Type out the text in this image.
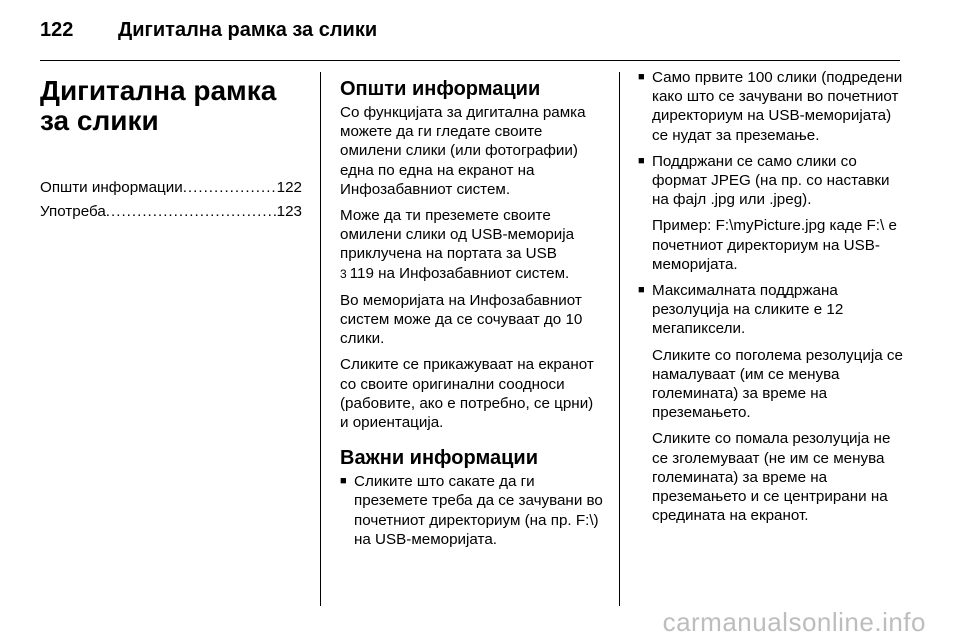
122	Дигитална рамка за слики
Дигитална рамка за слики
Општи информации .....	122
Употреба .....	123
Општи информации

Со функцијата за дигитална рамка можете да ги гледате своите омилени слики (или фотографии) една по една на екранот на Инфозабавниот систем.

Може да ти преземетe своите омилени слики од USB-меморија приклучена на портата за USB
3 119 на Инфозабавниот систем.

Во меморијата на Инфозабавниот систем може да се сочуваат до 10 слики.

Сликите се прикажуваат на екранот со своите оригинални соодноси (рабовите, ако е потребно, се црни) и ориентација.

Важни информации
■ Сликите што сакате да ги преземетe треба да се зачувани во почетниот директориум (на пр. F:\) на USB-меморијата.

■ Само првите 100 слики (подредени како што се зачувани во почетниот директориум на USB-меморијата) се нудат за преземање.

■ Поддржани се само слики со формат JPEG (на пр. со наставки на фајл .jpg или .jpeg).

Пример: F:\myPicture.jpg каде F:\ е почетниот директориум на USB-меморијата.

■ Максималната поддржана резолуција на сликите е 12 мегапиксели.

Сликите со поголема резолуција се намалуваат (им се менува големината) за време на преземањето.

Сликите со помала резолуција не се зголемуваат (не им се менува големината) за време на преземањето и се центрирани на средината на екранот.

carmanualsonline.info
